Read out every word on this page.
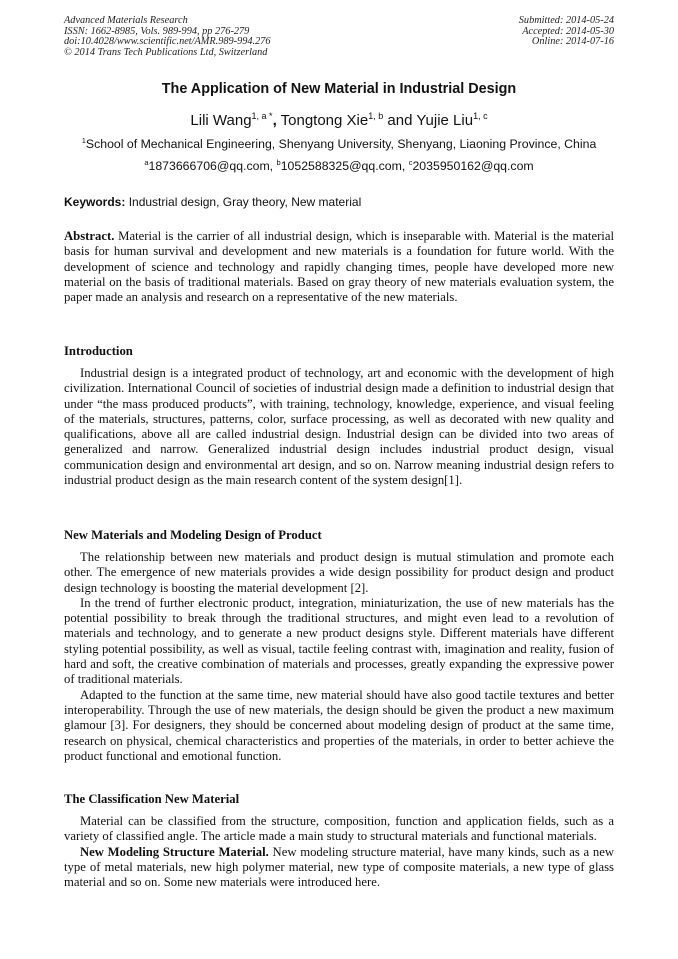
Advanced Materials Research
ISSN: 1662-8985, Vols. 989-994, pp 276-279
doi:10.4028/www.scientific.net/AMR.989-994.276
© 2014 Trans Tech Publications Ltd, Switzerland
Submitted: 2014-05-24
Accepted: 2014-05-30
Online: 2014-07-16
The Application of New Material in Industrial Design
Lili Wang$^{1, a *}$, Tongtong Xie$^{1, b}$ and Yujie Liu$^{1, c}$
$^1$School of Mechanical Engineering, Shenyang University, Shenyang, Liaoning Province, China
$^a$1873666706@qq.com, $^b$1052588325@qq.com, $^c$2035950162@qq.com
Keywords: Industrial design, Gray theory, New material

Abstract. Material is the carrier of all industrial design, which is inseparable with. Material is the material basis for human survival and development and new materials is a foundation for future world. With the development of science and technology and rapidly changing times, people have developed more new material on the basis of traditional materials. Based on gray theory of new materials evaluation system, the paper made an analysis and research on a representative of the new materials.

Introduction

Industrial design is a integrated product of technology, art and economic with the development of high civilization. International Council of societies of industrial design made a definition to industrial design that under “the mass produced products”, with training, technology, knowledge, experience, and visual feeling of the materials, structures, patterns, color, surface processing, as well as decorated with new quality and qualifications, above all are called industrial design. Industrial design can be divided into two areas of generalized and narrow. Generalized industrial design includes industrial product design, visual communication design and environmental art design, and so on. Narrow meaning industrial design refers to industrial product design as the main research content of the system design[1].

New Materials and Modeling Design of Product

The relationship between new materials and product design is mutual stimulation and promote each other. The emergence of new materials provides a wide design possibility for product design and product design technology is boosting the material development [2].

In the trend of further electronic product, integration, miniaturization, the use of new materials has the potential possibility to break through the traditional structures, and might even lead to a revolution of materials and technology, and to generate a new product designs style. Different materials have different styling potential possibility, as well as visual, tactile feeling contrast with, imagination and reality, fusion of hard and soft, the creative combination of materials and processes, greatly expanding the expressive power of traditional materials.

Adapted to the function at the same time, new material should have also good tactile textures and better interoperability. Through the use of new materials, the design should be given the product a new maximum glamour [3]. For designers, they should be concerned about modeling design of product at the same time, research on physical, chemical characteristics and properties of the materials, in order to better achieve the product functional and emotional function.

The Classification New Material

Material can be classified from the structure, composition, function and application fields, such as a variety of classified angle. The article made a main study to structural materials and functional materials.

New Modeling Structure Material. New modeling structure material, have many kinds, such as a new type of metal materials, new high polymer material, new type of composite materials, a new type of glass material and so on. Some new materials were introduced here.
